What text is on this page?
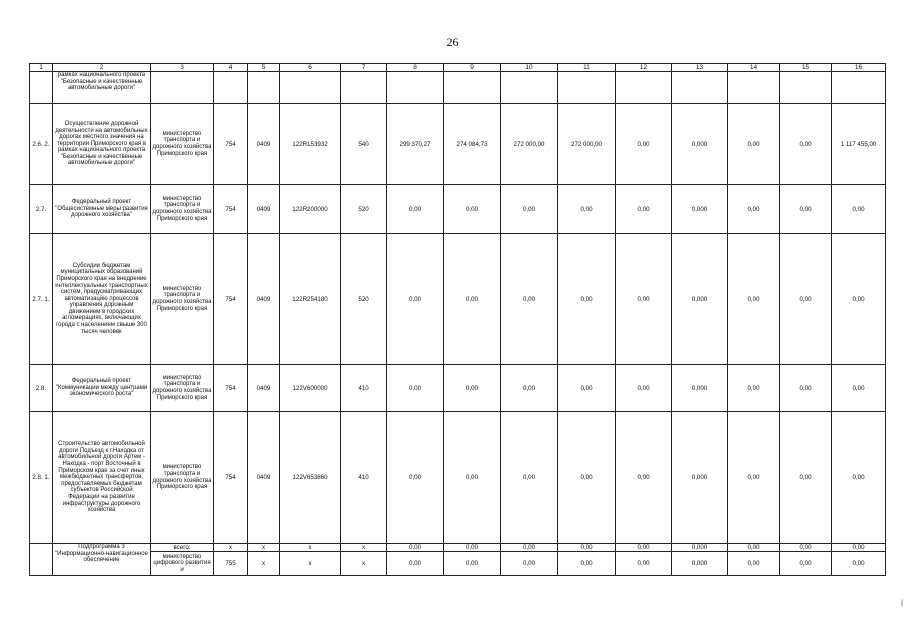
26
1	2	3	4	5	6	7	8	9	10	11	12	13	14	15	16
	рамках национального проекта "Безопасные и качественные автомобильные дороги"														
2.6. 2.	Осуществление дорожной деятельности на автомобильных дорогах местного значения на территории Приморского края в рамках национального проекта "Безопасные и качественные автомобильные дороги"	министерство транспорта и дорожного хозяйства Приморского края	754	0409	122R153932	540	299 370,27	274 084,73	272 000,00	272 000,00	0,00	0,000	0,00	0,00	1 117 455,00
2.7.	Федеральный проект "Общесистемные меры развития дорожного хозяйства"	министерство транспорта и дорожного хозяйства Приморского края	754	0409	122R200000	520	0,00	0,00	0,00	0,00	0,00	0,000	0,00	0,00	0,00
2.7. 1.	Субсидии бюджетам муниципальных образований Приморского края на внедрение интеллектуальных транспортных систем, предусматривающих автоматизацию процессов управления дорожным движением в городских агломерациях, включающих города с населением свыше 300 тысяч человек	министерство транспорта и дорожного хозяйства Приморского края	754	0409	122R254180	520	0,00	0,00	0,00	0,00	0,00	0,000	0,00	0,00	0,00
2.8.	Федеральный проект "Коммуникации между центрами экономического роста"	министерство транспорта и дорожного хозяйства Приморского края	754	0409	122V600000	410	0,00	0,00	0,00	0,00	0,00	0,000	0,00	0,00	0,00
2.8. 1.	Строительство автомобильной дороги Подъезд к г.Находка от автомобильной дороги Артем - Находка - порт Восточный в Приморском крае за счет иных межбюджетных трансфертов, предоставляемых бюджетам субъектов Российской Федерации на развитие инфраструктуры дорожного хозяйства	министерство транспорта и дорожного хозяйства Приморского края	754	0409	122V653860	410	0,00	0,00	0,00	0,00	0,00	0,000	0,00	0,00	0,00
	Подпрограмма 3 "Информационно-навигационное обеспечение	всего:	х	х	х	х	0,00	0,00	0,00	0,00	0,00	0,000	0,00	0,00	0,00
		министерство цифрового развития и	755	х	х	х	0,00	0,00	0,00	0,00	0,00	0,000	0,00	0,00	0,00
|
